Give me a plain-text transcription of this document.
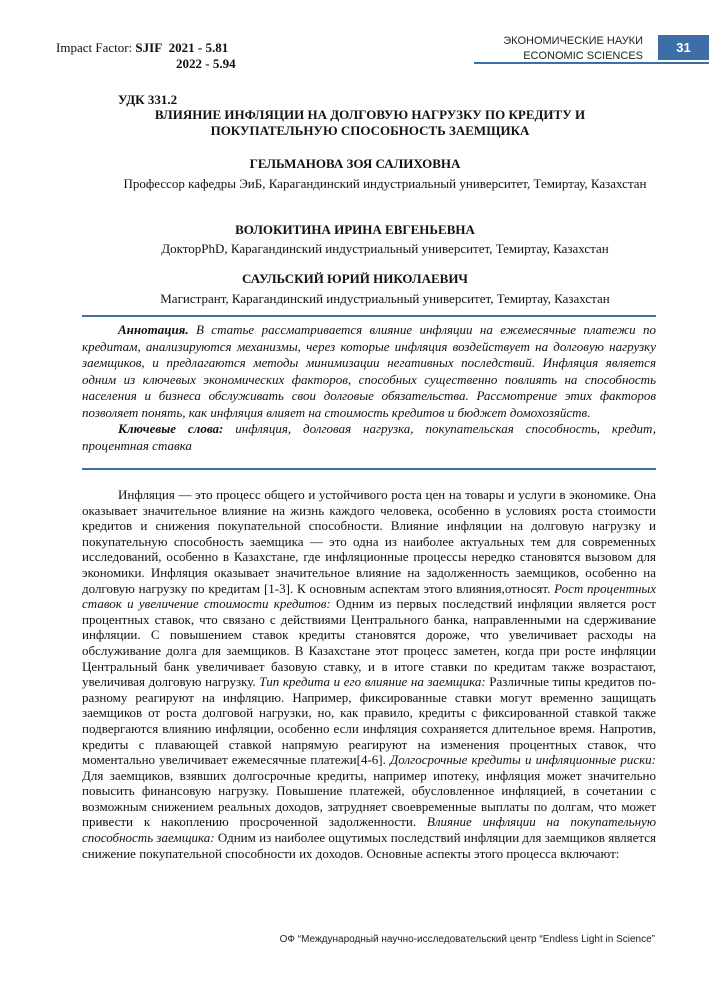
Impact Factor: SJIF 2021 - 5.81
2022 - 5.94
ЭКОНОМИЧЕСКИЕ НАУКИ
ECONOMIC SCIENCES
31
УДК 331.2
ВЛИЯНИЕ ИНФЛЯЦИИ НА ДОЛГОВУЮ НАГРУЗКУ ПО КРЕДИТУ И
ПОКУПАТЕЛЬНУЮ СПОСОБНОСТЬ ЗАЕМЩИКА
ГЕЛЬМАНОВА ЗОЯ САЛИХОВНА
Профессор кафедры ЭиБ, Карагандинский индустриальный университет, Темиртау, Казахстан
ВОЛОКИТИНА ИРИНА ЕВГЕНЬЕВНА
ДокторPhD, Карагандинский индустриальный университет, Темиртау, Казахстан
САУЛЬСКИЙ ЮРИЙ НИКОЛАЕВИЧ
Магистрант, Карагандинский индустриальный университет, Темиртау, Казахстан

Аннотация. В статье рассматривается влияние инфляции на ежемесячные платежи по кредитам, анализируются механизмы, через которые инфляция воздействует на долговую нагрузку заемщиков, и предлагаются методы минимизации негативных последствий. Инфляция является одним из ключевых экономических факторов, способных существенно повлиять на способность населения и бизнеса обслуживать свои долговые обязательства. Рассмотрение этих факторов позволяет понять, как инфляция влияет на стоимость кредитов и бюджет домохозяйств.

Ключевые слова: инфляция, долговая нагрузка, покупательская способность, кредит, процентная ставка

Инфляция — это процесс общего и устойчивого роста цен на товары и услуги в экономике. Она оказывает значительное влияние на жизнь каждого человека, особенно в условиях роста стоимости кредитов и снижения покупательной способности. Влияние инфляции на долговую нагрузку и покупательную способность заемщика — это одна из наиболее актуальных тем для современных исследований, особенно в Казахстане, где инфляционные процессы нередко становятся вызовом для экономики. Инфляция оказывает значительное влияние на задолженность заемщиков, особенно на долговую нагрузку по кредитам [1-3]. К основным аспектам этого влияния,относят. Рост процентных ставок и увеличение стоимости кредитов: Одним из первых последствий инфляции является рост процентных ставок, что связано с действиями Центрального банка, направленными на сдерживание инфляции. С повышением ставок кредиты становятся дороже, что увеличивает расходы на обслуживание долга для заемщиков. В Казахстане этот процесс заметен, когда при росте инфляции Центральный банк увеличивает базовую ставку, и в итоге ставки по кредитам также возрастают, увеличивая долговую нагрузку. Тип кредита и его влияние на заемщика: Различные типы кредитов по-разному реагируют на инфляцию. Например, фиксированные ставки могут временно защищать заемщиков от роста долговой нагрузки, но, как правило, кредиты с фиксированной ставкой также подвергаются влиянию инфляции, особенно если инфляция сохраняется длительное время. Напротив, кредиты с плавающей ставкой напрямую реагируют на изменения процентных ставок, что моментально увеличивает ежемесячные платежи[4-6]. Долгосрочные кредиты и инфляционные риски: Для заемщиков, взявших долгосрочные кредиты, например ипотеку, инфляция может значительно повысить финансовую нагрузку. Повышение платежей, обусловленное инфляцией, в сочетании с возможным снижением реальных доходов, затрудняет своевременные выплаты по долгам, что может привести к накоплению просроченной задолженности. Влияние инфляции на покупательную способность заемщика: Одним из наиболее ощутимых последствий инфляции для заемщиков является снижение покупательной способности их доходов. Основные аспекты этого процесса включают:

ОФ “Международный научно-исследовательский центр “Endless Light in Science”
